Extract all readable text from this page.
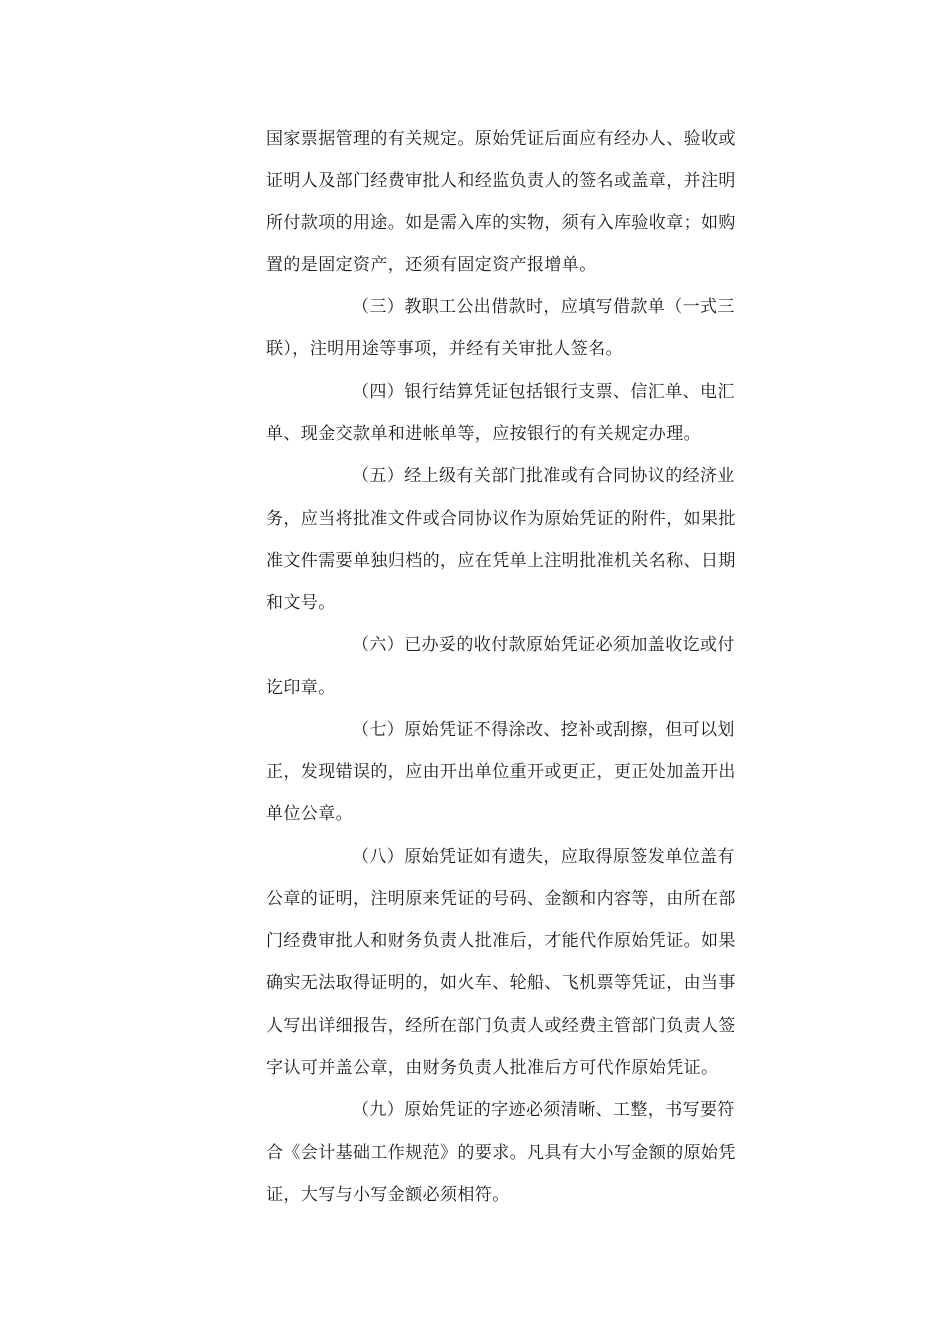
国家票据管理的有关规定。原始凭证后面应有经办人、验收或
证明人及部门经费审批人和经监负责人的签名或盖章，并注明
所付款项的用途。如是需入库的实物，须有入库验收章；如购
置的是固定资产，还须有固定资产报增单。
（三）教职工公出借款时，应填写借款单（一式三
联），注明用途等事项，并经有关审批人签名。
（四）银行结算凭证包括银行支票、信汇单、电汇
单、现金交款单和进帐单等，应按银行的有关规定办理。
（五）经上级有关部门批准或有合同协议的经济业
务，应当将批准文件或合同协议作为原始凭证的附件，如果批
准文件需要单独归档的，应在凭单上注明批准机关名称、日期
和文号。
（六）已办妥的收付款原始凭证必须加盖收讫或付
讫印章。
（七）原始凭证不得涂改、挖补或刮擦，但可以划
正，发现错误的，应由开出单位重开或更正，更正处加盖开出
单位公章。
（八）原始凭证如有遗失，应取得原签发单位盖有
公章的证明，注明原来凭证的号码、金额和内容等，由所在部
门经费审批人和财务负责人批准后，才能代作原始凭证。如果
确实无法取得证明的，如火车、轮船、飞机票等凭证，由当事
人写出详细报告，经所在部门负责人或经费主管部门负责人签
字认可并盖公章，由财务负责人批准后方可代作原始凭证。
（九）原始凭证的字迹必须清晰、工整，书写要符
合《会计基础工作规范》的要求。凡具有大小写金额的原始凭
证，大写与小写金额必须相符。
